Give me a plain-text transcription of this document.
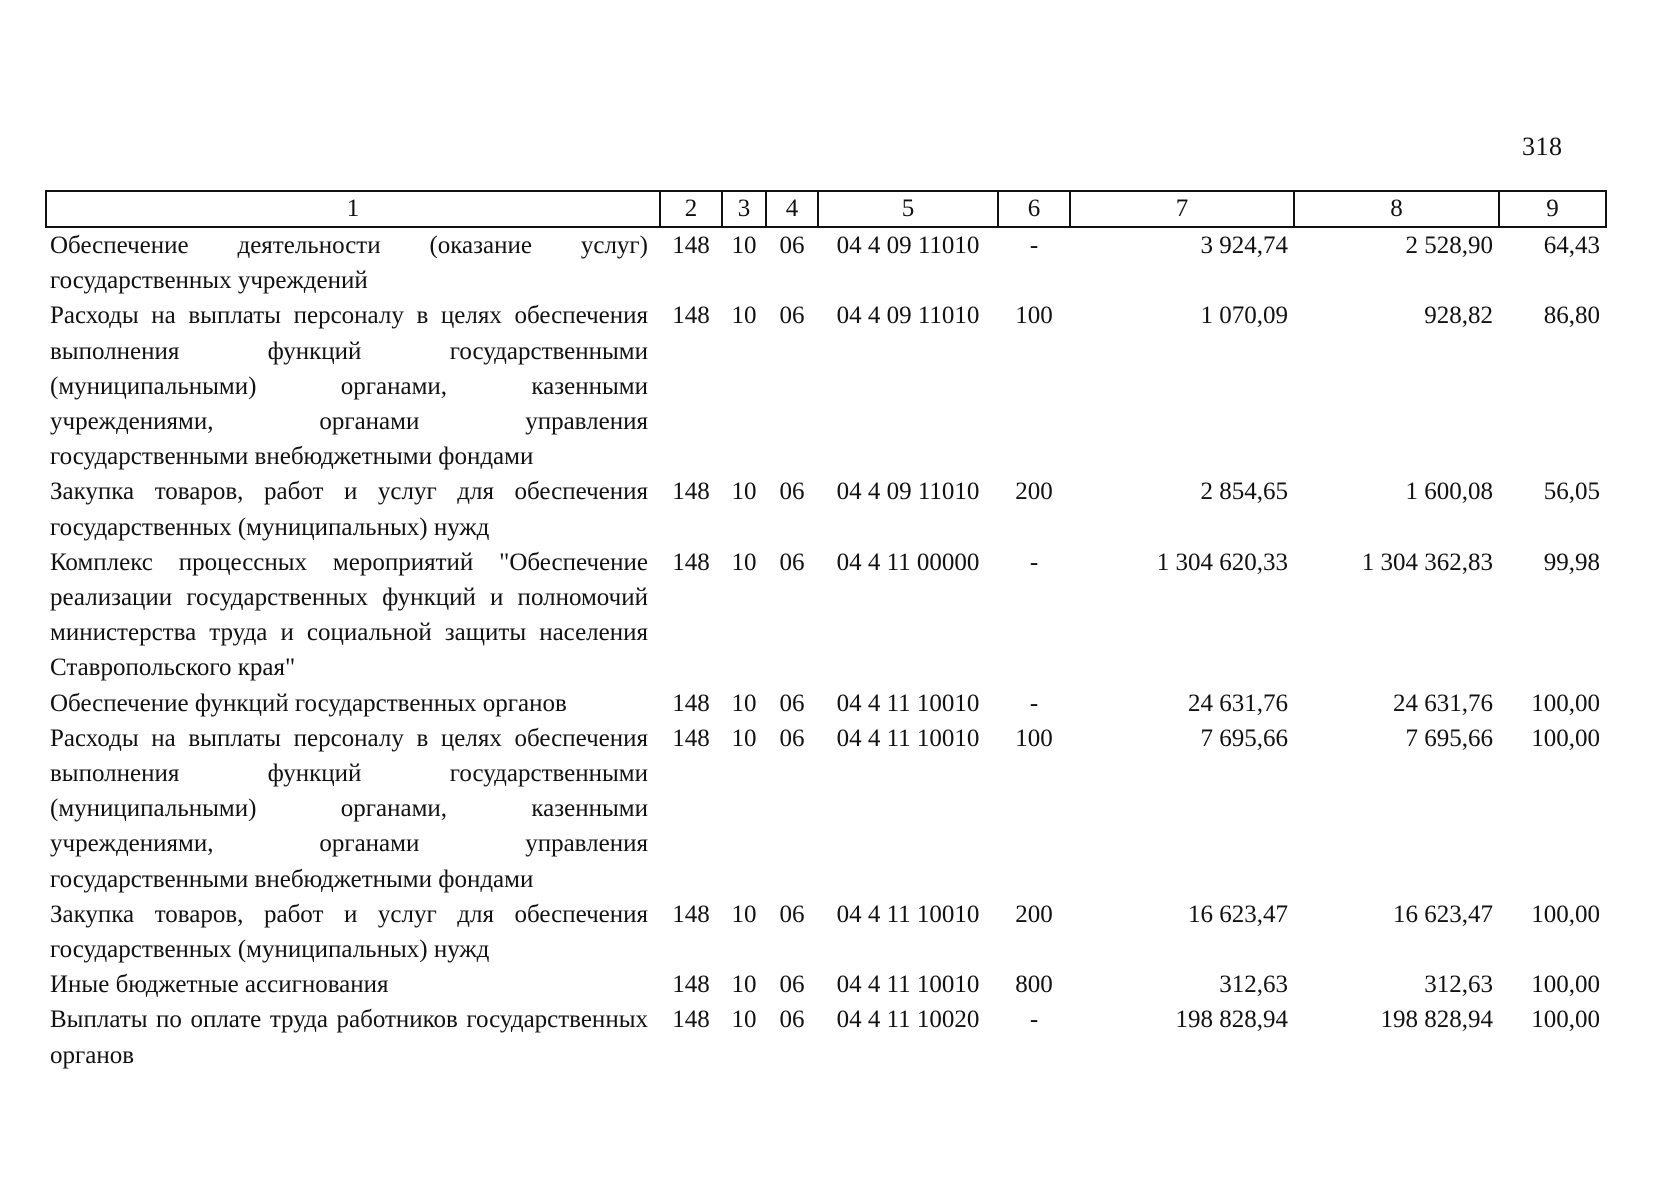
318
1	2	3	4	5	6	7	8	9
Обеспечение деятельности (оказание услуг) государственных учреждений	148	10	06	04 4 09 11010	-	3 924,74	2 528,90	64,43
Расходы на выплаты персоналу в целях обеспечения выполнения функций государственными (муниципальными) органами, казенными учреждениями, органами управления государственными внебюджетными фондами	148	10	06	04 4 09 11010	100	1 070,09	928,82	86,80
Закупка товаров, работ и услуг для обеспечения государственных (муниципальных) нужд	148	10	06	04 4 09 11010	200	2 854,65	1 600,08	56,05
Комплекс процессных мероприятий "Обеспечение реализации государственных функций и полномочий министерства труда и социальной защиты населения Ставропольского края"	148	10	06	04 4 11 00000	-	1 304 620,33	1 304 362,83	99,98
Обеспечение функций государственных органов	148	10	06	04 4 11 10010	-	24 631,76	24 631,76	100,00
Расходы на выплаты персоналу в целях обеспечения выполнения функций государственными (муниципальными) органами, казенными учреждениями, органами управления государственными внебюджетными фондами	148	10	06	04 4 11 10010	100	7 695,66	7 695,66	100,00
Закупка товаров, работ и услуг для обеспечения государственных (муниципальных) нужд	148	10	06	04 4 11 10010	200	16 623,47	16 623,47	100,00
Иные бюджетные ассигнования	148	10	06	04 4 11 10010	800	312,63	312,63	100,00
Выплаты по оплате труда работников государственных органов	148	10	06	04 4 11 10020	-	198 828,94	198 828,94	100,00
